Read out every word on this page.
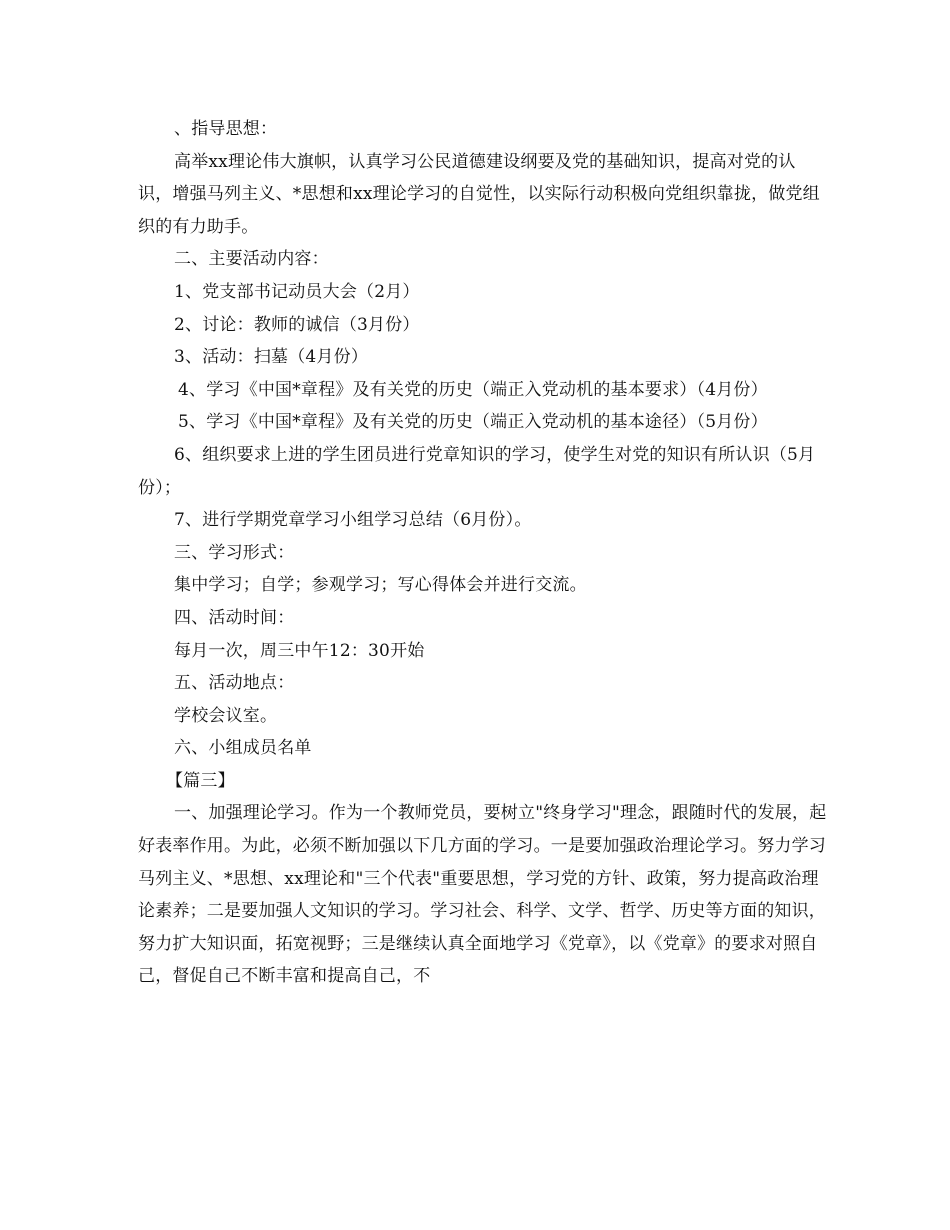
、指导思想：

高举xx理论伟大旗帜，认真学习公民道德建设纲要及党的基础知识，提高对党的认识，增强马列主义、*思想和xx理论学习的自觉性，以实际行动积极向党组织靠拢，做党组织的有力助手。

二、主要活动内容：

1、党支部书记动员大会（2月）

2、讨论：教师的诚信（3月份）

3、活动：扫墓（4月份）

4、学习《中国*章程》及有关党的历史（端正入党动机的基本要求）（4月份）

5、学习《中国*章程》及有关党的历史（端正入党动机的基本途径）（5月份）

6、组织要求上进的学生团员进行党章知识的学习，使学生对党的知识有所认识（5月份）；

7、进行学期党章学习小组学习总结（6月份）。

三、学习形式：

集中学习；自学；参观学习；写心得体会并进行交流。

四、活动时间：

每月一次，周三中午12：30开始

五、活动地点：

学校会议室。

六、小组成员名单

【篇三】

一、加强理论学习。作为一个教师党员，要树立"终身学习"理念，跟随时代的发展，起好表率作用。为此，必须不断加强以下几方面的学习。一是要加强政治理论学习。努力学习马列主义、*思想、xx理论和"三个代表"重要思想，学习党的方针、政策，努力提高政治理论素养；二是要加强人文知识的学习。学习社会、科学、文学、哲学、历史等方面的知识，努力扩大知识面，拓宽视野；三是继续认真全面地学习《党章》，以《党章》的要求对照自己，督促自己不断丰富和提高自己，不
